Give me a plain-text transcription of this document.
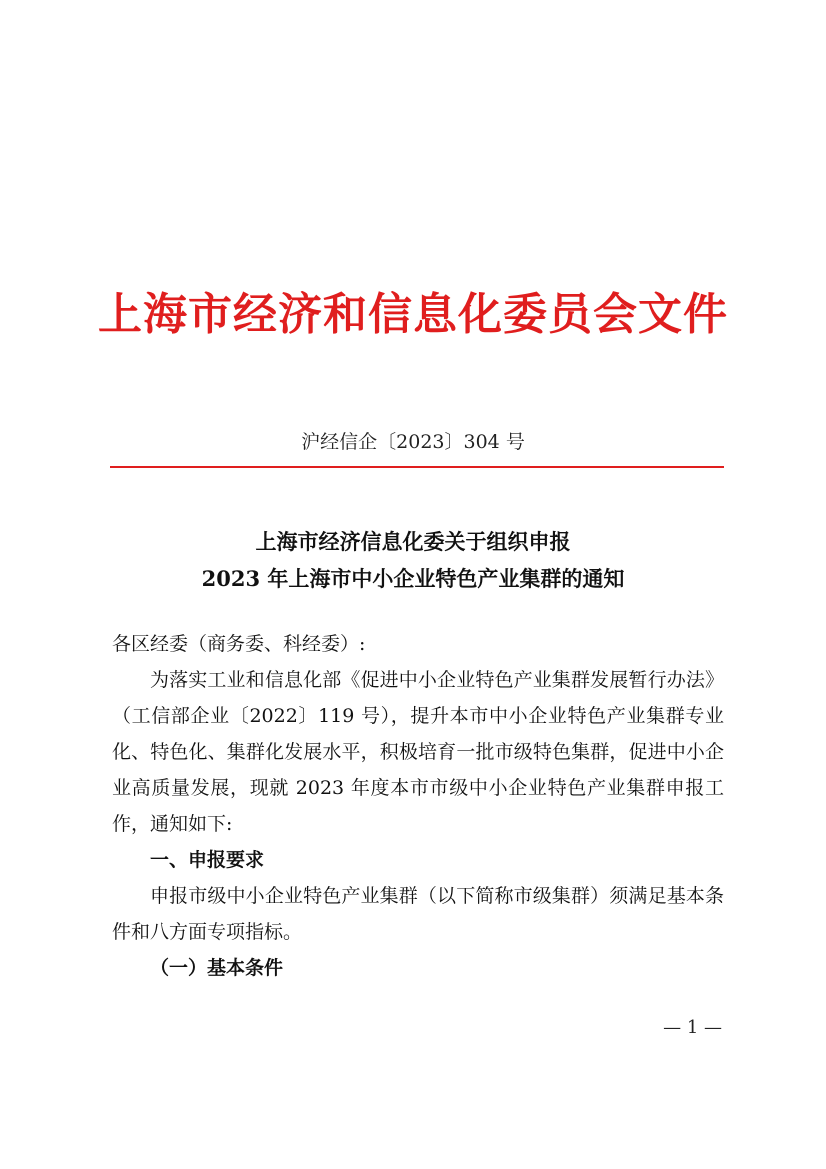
上海市经济和信息化委员会文件
沪经信企〔2023〕304 号
上海市经济信息化委关于组织申报
2023 年上海市中小企业特色产业集群的通知

各区经委（商务委、科经委）:

为落实工业和信息化部《促进中小企业特色产业集群发展暂行办法》（工信部企业〔2022〕119 号），提升本市中小企业特色产业集群专业化、特色化、集群化发展水平，积极培育一批市级特色集群，促进中小企业高质量发展，现就 2023 年度本市市级中小企业特色产业集群申报工作，通知如下:

一、申报要求

申报市级中小企业特色产业集群（以下简称市级集群）须满足基本条件和八方面专项指标。

（一）基本条件

— 1 —
